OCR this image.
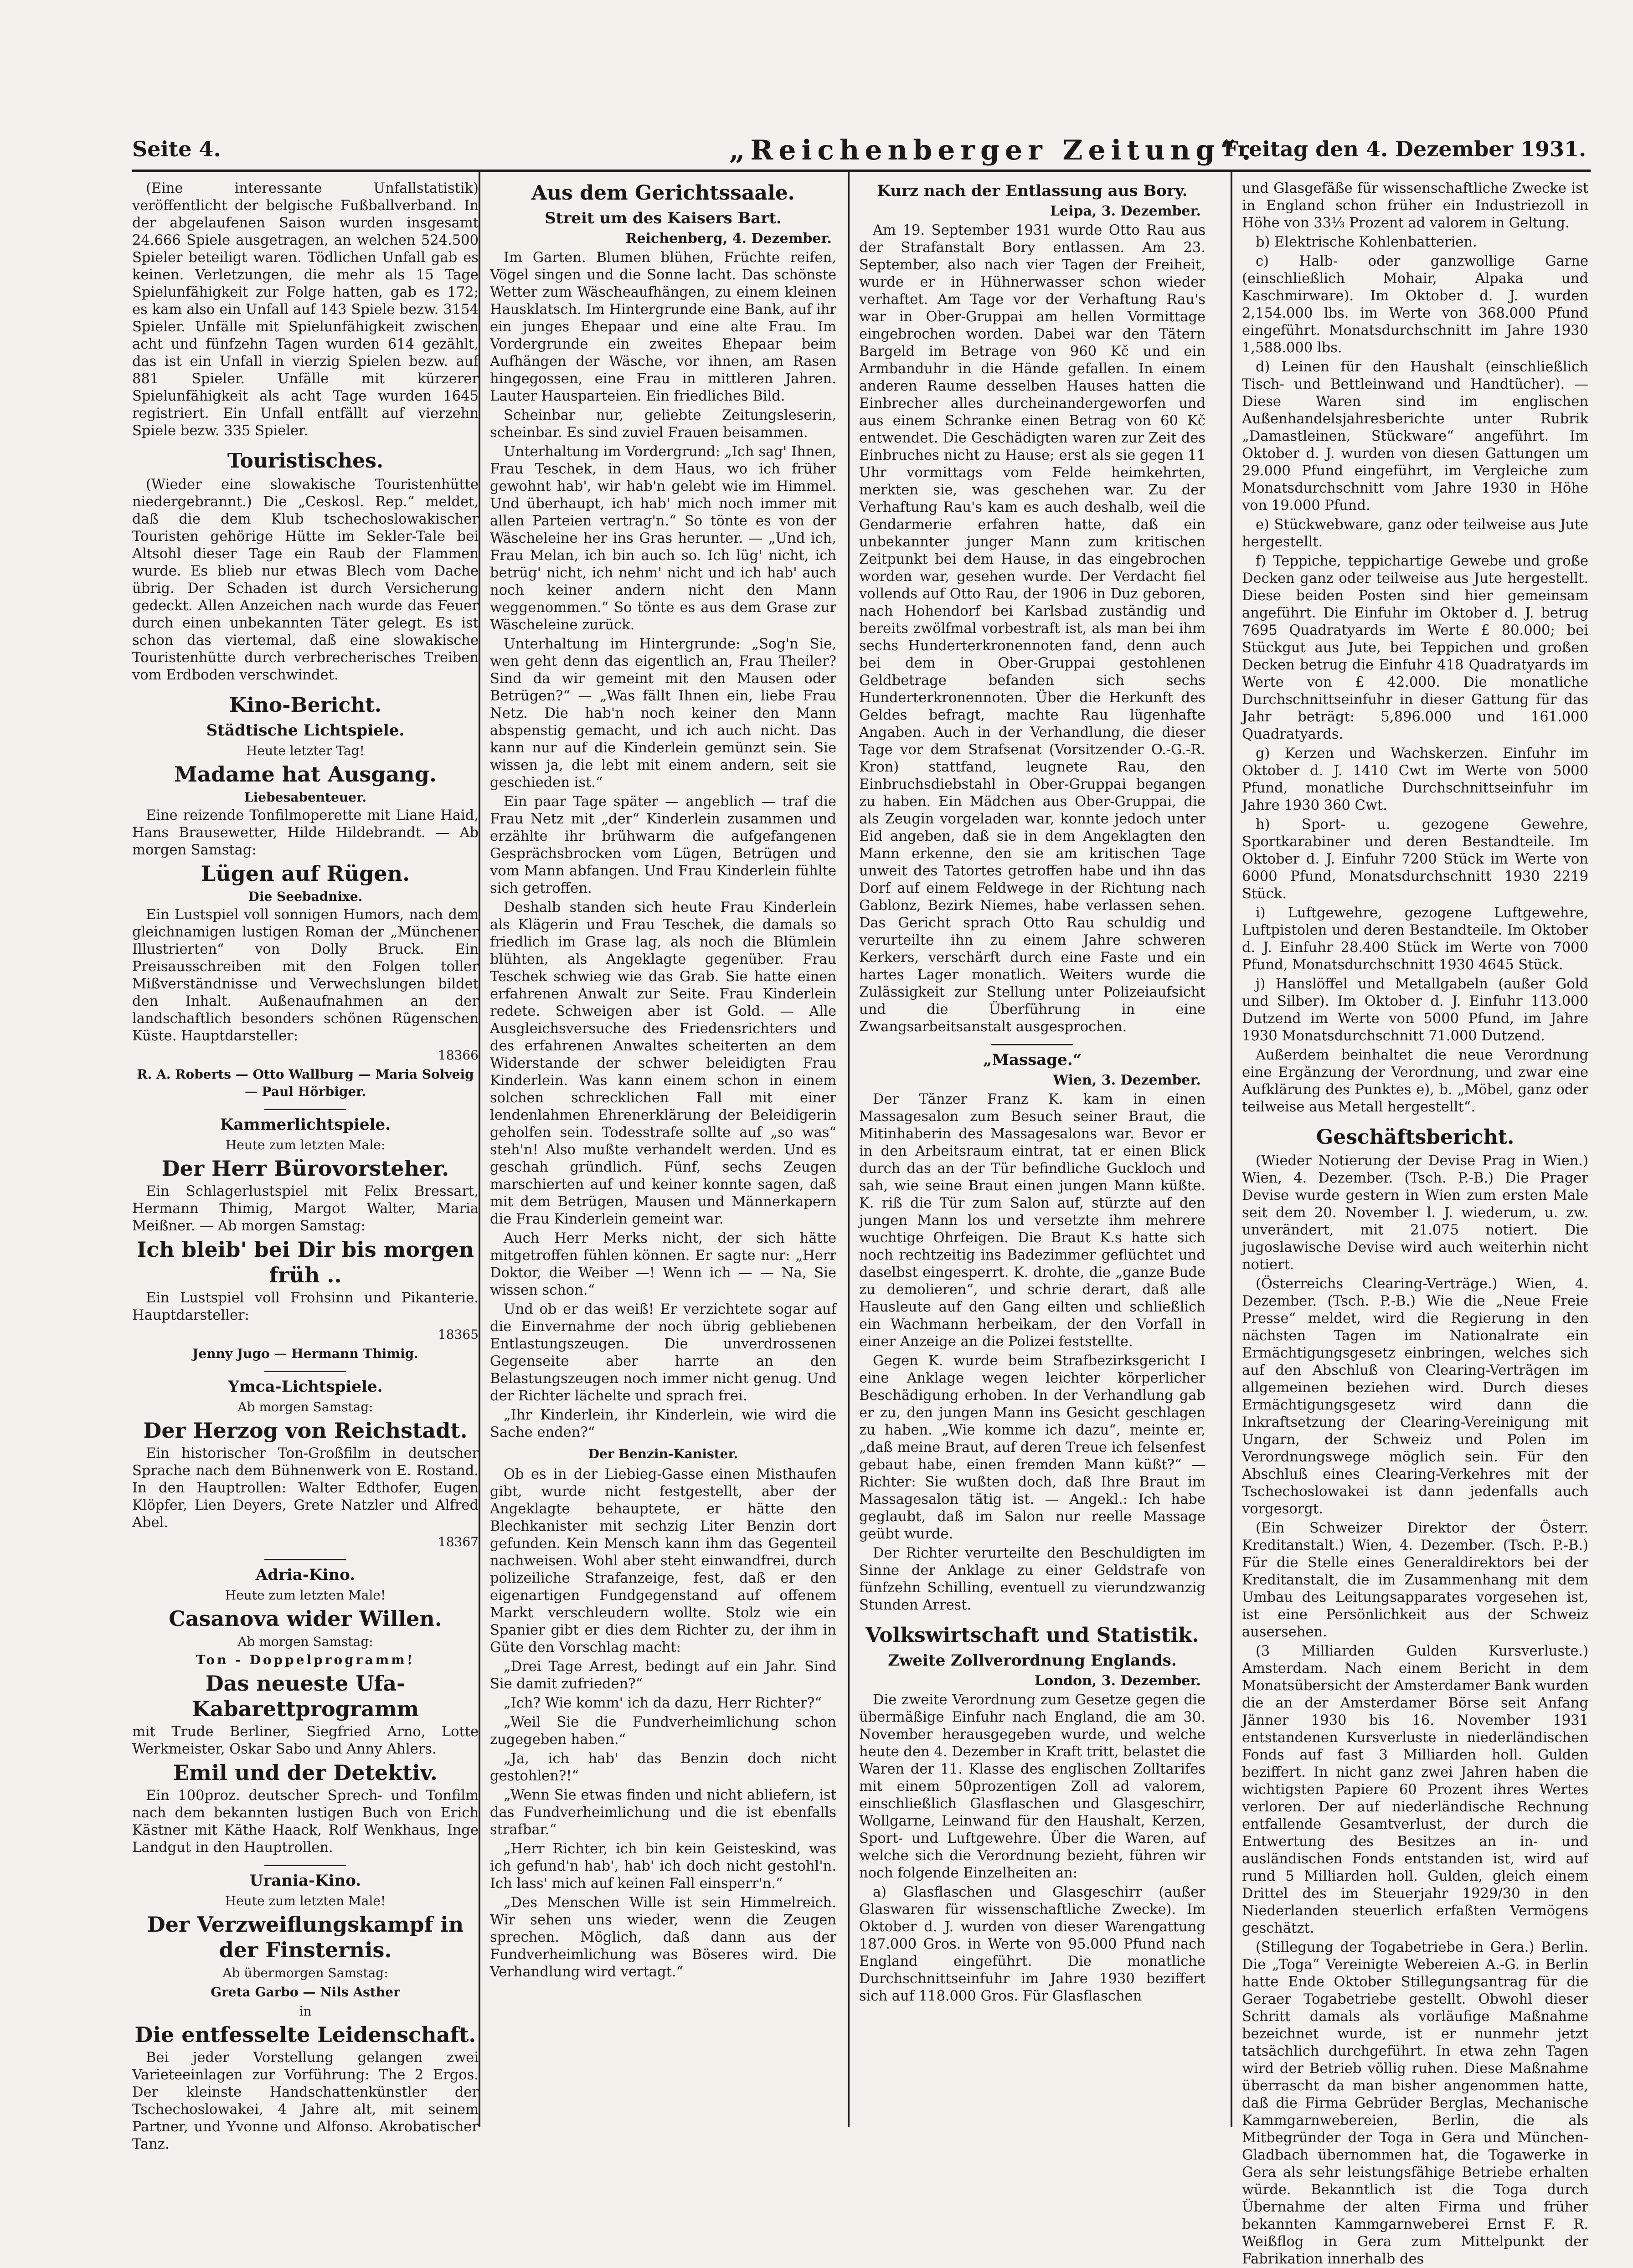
Seite 4.	„Reichenberger Zeitung“.
Freitag den 4. Dezember 1931.

(Eine interessante Unfallstatistik) veröffentlicht der belgische Fußballverband. In der abgelaufenen Saison wurden insgesamt 24.666 Spiele ausgetragen, an welchen 524.500 Spieler beteiligt waren. Tödlichen Unfall gab es keinen. Verletzungen, die mehr als 15 Tage Spielunfähigkeit zur Folge hatten, gab es 172; es kam also ein Unfall auf 143 Spiele bezw. 3154 Spieler. Unfälle mit Spielunfähigkeit zwischen acht und fünfzehn Tagen wurden 614 gezählt, das ist ein Unfall in vierzig Spielen bezw. auf 881 Spieler. Unfälle mit kürzerer Spielunfähigkeit als acht Tage wurden 1645 registriert. Ein Unfall entfällt auf vierzehn Spiele bezw. 335 Spieler.

Touristisches.

(Wieder eine slowakische Touristenhütte niedergebrannt.) Die „Ceskosl. Rep.“ meldet, daß die dem Klub tschechoslowakischer Touristen gehörige Hütte im Sekler-Tale bei Altsohl dieser Tage ein Raub der Flammen wurde. Es blieb nur etwas Blech vom Dache übrig. Der Schaden ist durch Versicherung gedeckt. Allen Anzeichen nach wurde das Feuer durch einen unbekannten Täter gelegt. Es ist schon das viertemal, daß eine slowakische Touristenhütte durch verbrecherisches Treiben vom Erdboden verschwindet.

Kino-Bericht.
Städtische Lichtspiele.
Heute letzter Tag!
Madame hat Ausgang.
Liebesabenteuer.

Eine reizende Tonfilmoperette mit Liane Haid, Hans Brausewetter, Hilde Hildebrandt. — Ab morgen Samstag:

Lügen auf Rügen.
Die Seebadnixe.

Ein Lustspiel voll sonnigen Humors, nach dem gleichnamigen lustigen Roman der „Münchener Illustrierten“ von Dolly Bruck. Ein Preisausschreiben mit den Folgen toller Mißverständnisse und Verwechslungen bildet den Inhalt. Außenaufnahmen an der landschaftlich besonders schönen Rügenschen Küste. Hauptdarsteller:

18366
R. A. Roberts — Otto Wallburg — Maria Solveig — Paul Hörbiger.
Kammerlichtspiele.
Heute zum letzten Male:
Der Herr Bürovorsteher.

Ein Schlagerlustspiel mit Felix Bressart, Hermann Thimig, Margot Walter, Maria Meißner. — Ab morgen Samstag:

Ich bleib' bei Dir bis morgen früh ..

Ein Lustspiel voll Frohsinn und Pikanterie. Hauptdarsteller:

18365
Jenny Jugo — Hermann Thimig.
Ymca-Lichtspiele.
Ab morgen Samstag:
Der Herzog von Reichstadt.

Ein historischer Ton-Großfilm in deutscher Sprache nach dem Bühnenwerk von E. Rostand. In den Hauptrollen: Walter Edthofer, Eugen Klöpfer, Lien Deyers, Grete Natzler und Alfred Abel.

18367
Adria-Kino.
Heute zum letzten Male!
Casanova wider Willen.
Ab morgen Samstag:
Ton - Doppelprogramm!
Das neueste Ufa-Kabarettprogramm

mit Trude Berliner, Siegfried Arno, Lotte Werkmeister, Oskar Sabo und Anny Ahlers.

Emil und der Detektiv.

Ein 100proz. deutscher Sprech- und Tonfilm nach dem bekannten lustigen Buch von Erich Kästner mit Käthe Haack, Rolf Wenkhaus, Inge Landgut in den Hauptrollen.

Urania-Kino.
Heute zum letzten Male!
Der Verzweiflungskampf in der Finsternis.
Ab übermorgen Samstag:
Greta Garbo — Nils Asther
in
Die entfesselte Leidenschaft.

Bei jeder Vorstellung gelangen zwei Varieteeinlagen zur Vorführung: The 2 Ergos. Der kleinste Handschattenkünstler der Tschechoslowakei, 4 Jahre alt, mit seinem Partner, und Yvonne und Alfonso. Akrobatischer Tanz.

Aus dem Gerichtssaale.
Streit um des Kaisers Bart.
Reichenberg, 4. Dezember.

Im Garten. Blumen blühen, Früchte reifen, Vögel singen und die Sonne lacht. Das schönste Wetter zum Wäscheaufhängen, zu einem kleinen Hausklatsch. Im Hintergrunde eine Bank, auf ihr ein junges Ehepaar und eine alte Frau. Im Vordergrunde ein zweites Ehepaar beim Aufhängen der Wäsche, vor ihnen, am Rasen hingegossen, eine Frau in mittleren Jahren. Lauter Hausparteien. Ein friedliches Bild.

Scheinbar nur, geliebte Zeitungsleserin, scheinbar. Es sind zuviel Frauen beisammen.

Unterhaltung im Vordergrund: „Ich sag' Ihnen, Frau Teschek, in dem Haus, wo ich früher gewohnt hab', wir hab'n gelebt wie im Himmel. Und überhaupt, ich hab' mich noch immer mit allen Parteien vertrag'n.“ So tönte es von der Wäscheleine her ins Gras herunter. — „Und ich, Frau Melan, ich bin auch so. Ich lüg' nicht, ich betrüg' nicht, ich nehm' nicht und ich hab' auch noch keiner andern nicht den Mann weggenommen.“ So tönte es aus dem Grase zur Wäscheleine zurück.

Unterhaltung im Hintergrunde: „Sog'n Sie, wen geht denn das eigentlich an, Frau Theiler? Sind da wir gemeint mit den Mausen oder Betrügen?“ — „Was fällt Ihnen ein, liebe Frau Netz. Die hab'n noch keiner den Mann abspenstig gemacht, und ich auch nicht. Das kann nur auf die Kinderlein gemünzt sein. Sie wissen ja, die lebt mit einem andern, seit sie geschieden ist.“

Ein paar Tage später — angeblich — traf die Frau Netz mit „der“ Kinderlein zusammen und erzählte ihr brühwarm die aufgefangenen Gesprächsbrocken vom Lügen, Betrügen und vom Mann abfangen. Und Frau Kinderlein fühlte sich getroffen.

Deshalb standen sich heute Frau Kinderlein als Klägerin und Frau Teschek, die damals so friedlich im Grase lag, als noch die Blümlein blühten, als Angeklagte gegenüber. Frau Teschek schwieg wie das Grab. Sie hatte einen erfahrenen Anwalt zur Seite. Frau Kinderlein redete. Schweigen aber ist Gold. — Alle Ausgleichsversuche des Friedensrichters und des erfahrenen Anwaltes scheiterten an dem Widerstande der schwer beleidigten Frau Kinderlein. Was kann einem schon in einem solchen schrecklichen Fall mit einer lendenlahmen Ehrenerklärung der Beleidigerin geholfen sein. Todesstrafe sollte auf „so was“ steh'n! Also mußte verhandelt werden. Und es geschah gründlich. Fünf, sechs Zeugen marschierten auf und keiner konnte sagen, daß mit dem Betrügen, Mausen und Männerkapern die Frau Kinderlein gemeint war.

Auch Herr Merks nicht, der sich hätte mitgetroffen fühlen können. Er sagte nur: „Herr Doktor, die Weiber —! Wenn ich — — Na, Sie wissen schon.“

Und ob er das weiß! Er verzichtete sogar auf die Einvernahme der noch übrig gebliebenen Entlastungszeugen. Die unverdrossenen Gegenseite aber harrte an den Belastungszeugen noch immer nicht genug. Und der Richter lächelte und sprach frei.

„Ihr Kinderlein, ihr Kinderlein, wie wird die Sache enden?“

Der Benzin-Kanister.

Ob es in der Liebieg-Gasse einen Misthaufen gibt, wurde nicht festgestellt, aber der Angeklagte behauptete, er hätte den Blechkanister mit sechzig Liter Benzin dort gefunden. Kein Mensch kann ihm das Gegenteil nachweisen. Wohl aber steht einwandfrei, durch polizeiliche Strafanzeige, fest, daß er den eigenartigen Fundgegenstand auf offenem Markt verschleudern wollte. Stolz wie ein Spanier gibt er dies dem Richter zu, der ihm in Güte den Vorschlag macht:

„Drei Tage Arrest, bedingt auf ein Jahr. Sind Sie damit zufrieden?“

„Ich? Wie komm' ich da dazu, Herr Richter?“

„Weil Sie die Fundverheimlichung schon zugegeben haben.“

„Ja, ich hab' das Benzin doch nicht gestohlen?!“

„Wenn Sie etwas finden und nicht abliefern, ist das Fundverheimlichung und die ist ebenfalls strafbar.“

„Herr Richter, ich bin kein Geisteskind, was ich gefund'n hab', hab' ich doch nicht gestohl'n. Ich lass' mich auf keinen Fall einsperr'n.“

„Des Menschen Wille ist sein Himmelreich. Wir sehen uns wieder, wenn die Zeugen sprechen. Möglich, daß dann aus der Fundverheimlichung was Böseres wird. Die Verhandlung wird vertagt.“

Kurz nach der Entlassung aus Bory.
Leipa, 3. Dezember.

Am 19. September 1931 wurde Otto Rau aus der Strafanstalt Bory entlassen. Am 23. September, also nach vier Tagen der Freiheit, wurde er in Hühnerwasser schon wieder verhaftet. Am Tage vor der Verhaftung Rau's war in Ober-Gruppai am hellen Vormittage eingebrochen worden. Dabei war den Tätern Bargeld im Betrage von 960 Kč und ein Armbanduhr in die Hände gefallen. In einem anderen Raume desselben Hauses hatten die Einbrecher alles durcheinandergeworfen und aus einem Schranke einen Betrag von 60 Kč entwendet. Die Geschädigten waren zur Zeit des Einbruches nicht zu Hause; erst als sie gegen 11 Uhr vormittags vom Felde heimkehrten, merkten sie, was geschehen war. Zu der Verhaftung Rau's kam es auch deshalb, weil die Gendarmerie erfahren hatte, daß ein unbekannter junger Mann zum kritischen Zeitpunkt bei dem Hause, in das eingebrochen worden war, gesehen wurde. Der Verdacht fiel vollends auf Otto Rau, der 1906 in Duz geboren, nach Hohendorf bei Karlsbad zuständig und bereits zwölfmal vorbestraft ist, als man bei ihm sechs Hunderterkronennoten fand, denn auch bei dem in Ober-Gruppai gestohlenen Geldbetrage befanden sich sechs Hunderterkronennoten. Über die Herkunft des Geldes befragt, machte Rau lügenhafte Angaben. Auch in der Verhandlung, die dieser Tage vor dem Strafsenat (Vorsitzender O.-G.-R. Kron) stattfand, leugnete Rau, den Einbruchsdiebstahl in Ober-Gruppai begangen zu haben. Ein Mädchen aus Ober-Gruppai, die als Zeugin vorgeladen war, konnte jedoch unter Eid angeben, daß sie in dem Angeklagten den Mann erkenne, den sie am kritischen Tage unweit des Tatortes getroffen habe und ihn das Dorf auf einem Feldwege in der Richtung nach Gablonz, Bezirk Niemes, habe verlassen sehen. Das Gericht sprach Otto Rau schuldig und verurteilte ihn zu einem Jahre schweren Kerkers, verschärft durch eine Faste und ein hartes Lager monatlich. Weiters wurde die Zulässigkeit zur Stellung unter Polizeiaufsicht und die Überführung in eine Zwangsarbeitsanstalt ausgesprochen.

„Massage.“
Wien, 3. Dezember.

Der Tänzer Franz K. kam in einen Massagesalon zum Besuch seiner Braut, die Mitinhaberin des Massagesalons war. Bevor er in den Arbeitsraum eintrat, tat er einen Blick durch das an der Tür befindliche Guckloch und sah, wie seine Braut einen jungen Mann küßte. K. riß die Tür zum Salon auf, stürzte auf den jungen Mann los und versetzte ihm mehrere wuchtige Ohrfeigen. Die Braut K.s hatte sich noch rechtzeitig ins Badezimmer geflüchtet und daselbst eingesperrt. K. drohte, die „ganze Bude zu demolieren“, und schrie derart, daß alle Hausleute auf den Gang eilten und schließlich ein Wachmann herbeikam, der den Vorfall in einer Anzeige an die Polizei feststellte.

Gegen K. wurde beim Strafbezirksgericht I eine Anklage wegen leichter körperlicher Beschädigung erhoben. In der Verhandlung gab er zu, den jungen Mann ins Gesicht geschlagen zu haben. „Wie komme ich dazu“, meinte er, „daß meine Braut, auf deren Treue ich felsenfest gebaut habe, einen fremden Mann küßt?“ — Richter: Sie wußten doch, daß Ihre Braut im Massagesalon tätig ist. — Angekl.: Ich habe geglaubt, daß im Salon nur reelle Massage geübt wurde.

Der Richter verurteilte den Beschuldigten im Sinne der Anklage zu einer Geldstrafe von fünfzehn Schilling, eventuell zu vierundzwanzig Stunden Arrest.

Volkswirtschaft und Statistik.
Zweite Zollverordnung Englands.
London, 3. Dezember.

Die zweite Verordnung zum Gesetze gegen die übermäßige Einfuhr nach England, die am 30. November herausgegeben wurde, und welche heute den 4. Dezember in Kraft tritt, belastet die Waren der 11. Klasse des englischen Zolltarifes mit einem 50prozentigen Zoll ad valorem, einschließlich Glasflaschen und Glasgeschirr, Wollgarne, Leinwand für den Haushalt, Kerzen, Sport- und Luftgewehre. Über die Waren, auf welche sich die Verordnung bezieht, führen wir noch folgende Einzelheiten an:

a) Glasflaschen und Glasgeschirr (außer Glaswaren für wissenschaftliche Zwecke). Im Oktober d. J. wurden von dieser Warengattung 187.000 Gros. in Werte von 95.000 Pfund nach England eingeführt. Die monatliche Durchschnittseinfuhr im Jahre 1930 beziffert sich auf 118.000 Gros. Für Glasflaschen

und Glasgefäße für wissenschaftliche Zwecke ist in England schon früher ein Industriezoll in Höhe von 33⅓ Prozent ad valorem in Geltung.

b) Elektrische Kohlenbatterien.

c) Halb- oder ganzwollige Garne (einschließlich Mohair, Alpaka und Kaschmirware). Im Oktober d. J. wurden 2,154.000 lbs. im Werte von 368.000 Pfund eingeführt. Monatsdurchschnitt im Jahre 1930 1,588.000 lbs.

d) Leinen für den Haushalt (einschließlich Tisch- und Bettleinwand und Handtücher). — Diese Waren sind im englischen Außenhandelsjahresberichte unter Rubrik „Damastleinen, Stückware“ angeführt. Im Oktober d. J. wurden von diesen Gattungen um 29.000 Pfund eingeführt, im Vergleiche zum Monatsdurchschnitt vom Jahre 1930 in Höhe von 19.000 Pfund.

e) Stückwebware, ganz oder teilweise aus Jute hergestellt.

f) Teppiche, teppichartige Gewebe und große Decken ganz oder teilweise aus Jute hergestellt. Diese beiden Posten sind hier gemeinsam angeführt. Die Einfuhr im Oktober d. J. betrug 7695 Quadratyards im Werte £ 80.000; bei Stückgut aus Jute, bei Teppichen und großen Decken betrug die Einfuhr 418 Quadratyards im Werte von £ 42.000. Die monatliche Durchschnittseinfuhr in dieser Gattung für das Jahr beträgt: 5,896.000 und 161.000 Quadratyards.

g) Kerzen und Wachskerzen. Einfuhr im Oktober d. J. 1410 Cwt im Werte von 5000 Pfund, monatliche Durchschnittseinfuhr im Jahre 1930 360 Cwt.

h) Sport- u. gezogene Gewehre, Sportkarabiner und deren Bestandteile. Im Oktober d. J. Einfuhr 7200 Stück im Werte von 6000 Pfund, Monatsdurchschnitt 1930 2219 Stück.

i) Luftgewehre, gezogene Luftgewehre, Luftpistolen und deren Bestandteile. Im Oktober d. J. Einfuhr 28.400 Stück im Werte von 7000 Pfund, Monatsdurchschnitt 1930 4645 Stück.

j) Hanslöffel und Metallgabeln (außer Gold und Silber). Im Oktober d. J. Einfuhr 113.000 Dutzend im Werte von 5000 Pfund, im Jahre 1930 Monatsdurchschnitt 71.000 Dutzend.

Außerdem beinhaltet die neue Verordnung eine Ergänzung der Verordnung, und zwar eine Aufklärung des Punktes e), b. „Möbel, ganz oder teilweise aus Metall hergestellt“.

Geschäftsbericht.

(Wieder Notierung der Devise Prag in Wien.) Wien, 4. Dezember. (Tsch. P.-B.) Die Prager Devise wurde gestern in Wien zum ersten Male seit dem 20. November l. J. wiederum, u. zw. unverändert, mit 21.075 notiert. Die jugoslawische Devise wird auch weiterhin nicht notiert.

(Österreichs Clearing-Verträge.) Wien, 4. Dezember. (Tsch. P.-B.) Wie die „Neue Freie Presse“ meldet, wird die Regierung in den nächsten Tagen im Nationalrate ein Ermächtigungsgesetz einbringen, welches sich auf den Abschluß von Clearing-Verträgen im allgemeinen beziehen wird. Durch dieses Ermächtigungsgesetz wird dann die Inkraftsetzung der Clearing-Vereinigung mit Ungarn, der Schweiz und Polen im Verordnungswege möglich sein. Für den Abschluß eines Clearing-Verkehres mit der Tschechoslowakei ist dann jedenfalls auch vorgesorgt.

(Ein Schweizer Direktor der Österr. Kreditanstalt.) Wien, 4. Dezember. (Tsch. P.-B.) Für die Stelle eines Generaldirektors bei der Kreditanstalt, die im Zusammenhang mit dem Umbau des Leitungsapparates vorgesehen ist, ist eine Persönlichkeit aus der Schweiz ausersehen.

(3 Milliarden Gulden Kursverluste.) Amsterdam. Nach einem Bericht in dem Monatsübersicht der Amsterdamer Bank wurden die an der Amsterdamer Börse seit Anfang Jänner 1930 bis 16. November 1931 entstandenen Kursverluste in niederländischen Fonds auf fast 3 Milliarden holl. Gulden beziffert. In nicht ganz zwei Jahren haben die wichtigsten Papiere 60 Prozent ihres Wertes verloren. Der auf niederländische Rechnung entfallende Gesamtverlust, der durch die Entwertung des Besitzes an in- und ausländischen Fonds entstanden ist, wird auf rund 5 Milliarden holl. Gulden, gleich einem Drittel des im Steuerjahr 1929/30 in den Niederlanden steuerlich erfaßten Vermögens geschätzt.

(Stillegung der Togabetriebe in Gera.) Berlin. Die „Toga“ Vereinigte Webereien A.-G. in Berlin hatte Ende Oktober Stillegungsantrag für die Geraer Togabetriebe gestellt. Obwohl dieser Schritt damals als vorläufige Maßnahme bezeichnet wurde, ist er nunmehr jetzt tatsächlich durchgeführt. In etwa zehn Tagen wird der Betrieb völlig ruhen. Diese Maßnahme überrascht da man bisher angenommen hatte, daß die Firma Gebrüder Berglas, Mechanische Kammgarnwebereien, Berlin, die als Mitbegründer der Toga in Gera und München-Gladbach übernommen hat, die Togawerke in Gera als sehr leistungsfähige Betriebe erhalten würde. Bekanntlich ist die Toga durch Übernahme der alten Firma und früher bekannten Kammgarnweberei Ernst F. R. Weißflog in Gera zum Mittelpunkt der Fabrikation innerhalb des
